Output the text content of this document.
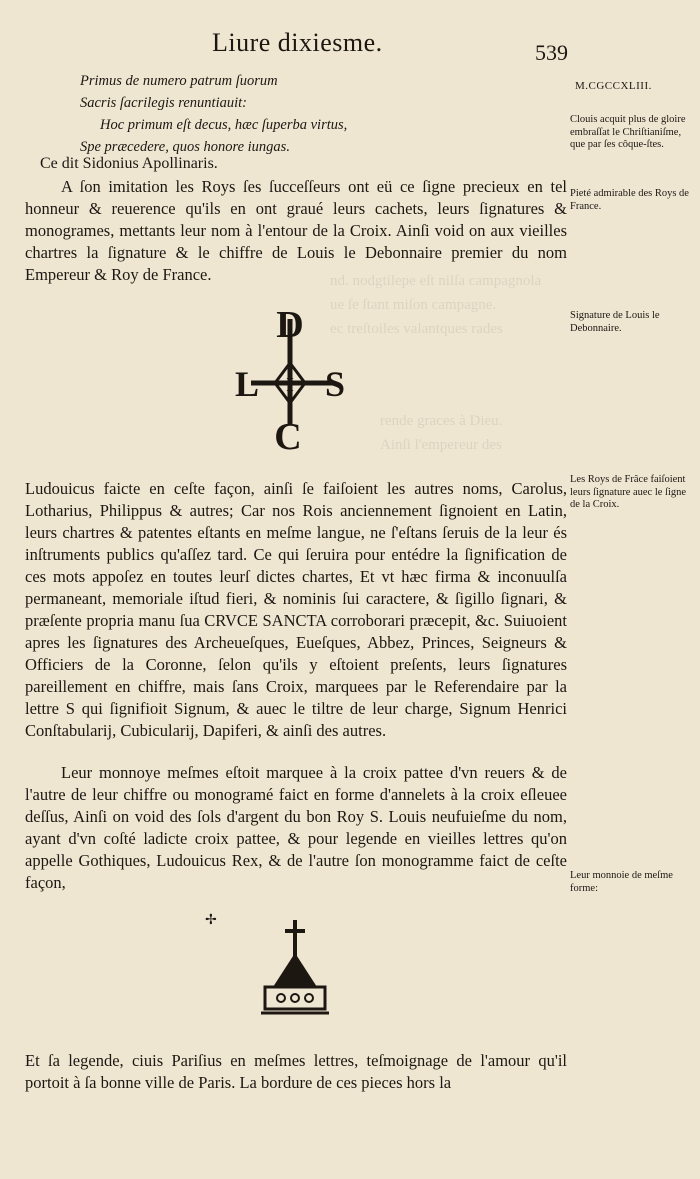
nd. nodgtilepe eſt nilſa campagnola
ue ſe ſtant miſon campagne.
ec treſtoiles valantques rades
rende graces à Dieu.
Ainſi l'empereur des
Liure dixiesme.	539
M.CGCCXLIII.
Primus de numero patrum ſuorum
Sacris ſacrilegis renuntiauit:
Hoc primum eſt decus, hæc ſuperba virtus,
Spe præcedere, quos honore iungas.
Ce dit Sidonius Apollinaris.
A ſon imitation les Roys ſes ſucceſſeurs ont eü ce ſigne precieux en tel honneur & reuerence qu'ils en ont graué leurs cachets, leurs ſignatures & monogrames, mettants leur nom à l'entour de la Croix. Ainſi void on aux vieilles chartres la ſignature & le chiffre de Louis le Debonnaire premier du nom Empereur & Roy de France.
D
L I S
C
Ludouicus faicte en ceſte façon, ainſi ſe faiſoient les autres noms, Carolus, Lotharius, Philippus & autres; Car nos Rois anciennement ſignoient en Latin, leurs chartres & patentes eſtants en meſme langue, ne ſ'eſtans ſeruis de la leur és inſtruments publics qu'aſſez tard. Ce qui ſeruira pour entédre la ſignification de ces mots appoſez en toutes leurſ dictes chartes, Et vt hæc firma & inconuulſa permaneant, memoriale iſtud fieri, & nominis ſui caractere, & ſigillo ſignari, & præſente propria manu ſua CRVCE SANCTA corroborari præcepit, &c. Suiuoient apres les ſignatures des Archeueſques, Eueſques, Abbez, Princes, Seigneurs & Officiers de la Coronne, ſelon qu'ils y eſtoient preſents, leurs ſignatures pareillement en chiffre, mais ſans Croix, marquees par le Referendaire par la lettre S qui ſignifioit Signum, & auec le tiltre de leur charge, Signum Henrici Conſtabularij, Cubicularij, Dapiferi, & ainſi des autres.
Leur monnoye meſmes eſtoit marquee à la croix pattee d'vn reuers & de l'autre de leur chiffre ou monogramé faict en forme d'annelets à la croix eſleuee deſſus, Ainſi on void des ſols d'argent du bon Roy S. Louis neufuieſme du nom, ayant d'vn coſté ladicte croix pattee, & pour legende en vieilles lettres qu'on appelle Gothiques, Ludouicus Rex, & de l'autre ſon monogramme faict de ceſte façon,
✢
Et ſa legende, ciuis Pariſius en meſmes lettres, teſmoignage de l'amour qu'il portoit à ſa bonne ville de Paris. La bordure de ces pieces hors la
Clouis acquit plus de gloire embraſſat le Chriſtianiſme, que par ſes côque-ſtes.
Pieté admirable des Roys de France.
Signature de Louis le Debonnaire.
Les Roys de Frâce faiſoient leurs ſignature auec le ſigne de la Croix.
Leur monnoie de meſme forme:
